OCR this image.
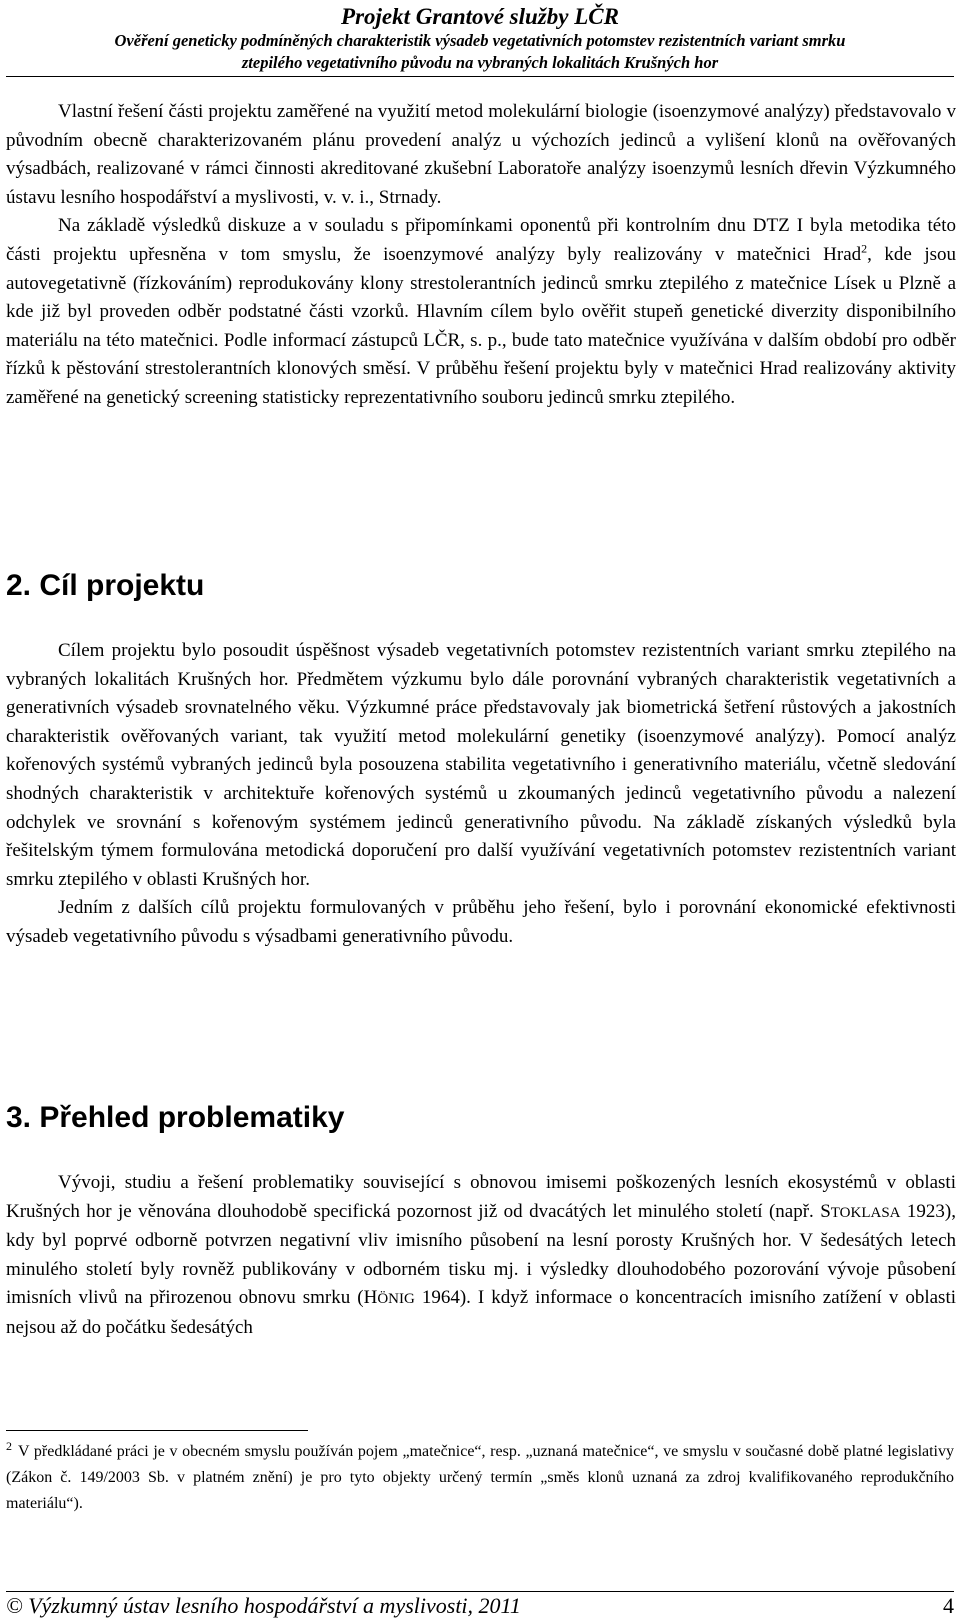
Projekt Grantové služby LČR
Ověření geneticky podmíněných charakteristik výsadeb vegetativních potomstev rezistentních variant smrku
ztepilého vegetativního původu na vybraných lokalitách Krušných hor

Vlastní řešení části projektu zaměřené na využití metod molekulární biologie (isoenzymové analýzy) představovalo v původním obecně charakterizovaném plánu provedení analýz u výchozích jedinců a vylišení klonů na ověřovaných výsadbách, realizované v rámci činnosti akreditované zkušební Laboratoře analýzy isoenzymů lesních dřevin Výzkumného ústavu lesního hospodářství a myslivosti, v. v. i., Strnady.

Na základě výsledků diskuze a v souladu s připomínkami oponentů při kontrolním dnu DTZ I byla metodika této části projektu upřesněna v tom smyslu, že isoenzymové analýzy byly realizovány v matečnici Hrad$^2$, kde jsou autovegetativně (řízkováním) reprodukovány klony strestolerantních jedinců smrku ztepilého z matečnice Lísek u Plzně a kde již byl proveden odběr podstatné části vzorků. Hlavním cílem bylo ověřit stupeň genetické diverzity disponibilního materiálu na této matečnici. Podle informací zástupců LČR, s. p., bude tato matečnice využívána v dalším období pro odběr řízků k pěstování strestolerantních klonových směsí. V průběhu řešení projektu byly v matečnici Hrad realizovány aktivity zaměřené na genetický screening statisticky reprezentativního souboru jedinců smrku ztepilého.

2. Cíl projektu

Cílem projektu bylo posoudit úspěšnost výsadeb vegetativních potomstev rezistentních variant smrku ztepilého na vybraných lokalitách Krušných hor. Předmětem výzkumu bylo dále porovnání vybraných charakteristik vegetativních a generativních výsadeb srovnatelného věku. Výzkumné práce představovaly jak biometrická šetření růstových a jakostních charakteristik ověřovaných variant, tak využití metod molekulární genetiky (isoenzymové analýzy). Pomocí analýz kořenových systémů vybraných jedinců byla posouzena stabilita vegetativního i generativního materiálu, včetně sledování shodných charakteristik v architektuře kořenových systémů u zkoumaných jedinců vegetativního původu a nalezení odchylek ve srovnání s kořenovým systémem jedinců generativního původu. Na základě získaných výsledků byla řešitelským týmem formulována metodická doporučení pro další využívání vegetativních potomstev rezistentních variant smrku ztepilého v oblasti Krušných hor.

Jedním z dalších cílů projektu formulovaných v průběhu jeho řešení, bylo i porovnání ekonomické efektivnosti výsadeb vegetativního původu s výsadbami generativního původu.

3. Přehled problematiky

Vývoji, studiu a řešení problematiky související s obnovou imisemi poškozených lesních ekosystémů v oblasti Krušných hor je věnována dlouhodobě specifická pozornost již od dvacátých let minulého století (např. STOKLASA 1923), kdy byl poprvé odborně potvrzen negativní vliv imisního působení na lesní porosty Krušných hor. V šedesátých letech minulého století byly rovněž publikovány v odborném tisku mj. i výsledky dlouhodobého pozorování vývoje působení imisních vlivů na přirozenou obnovu smrku (HÖNIG 1964). I když informace o koncentracích imisního zatížení v oblasti nejsou až do počátku šedesátých

$^2$ V předkládané práci je v obecném smyslu používán pojem „matečnice“, resp. „uznaná matečnice“, ve smyslu v současné době platné legislativy (Zákon č. 149/2003 Sb. v platném znění) je pro tyto objekty určený termín „směs klonů uznaná za zdroj kvalifikovaného reprodukčního materiálu“).
© Výzkumný ústav lesního hospodářství a myslivosti, 2011	4
